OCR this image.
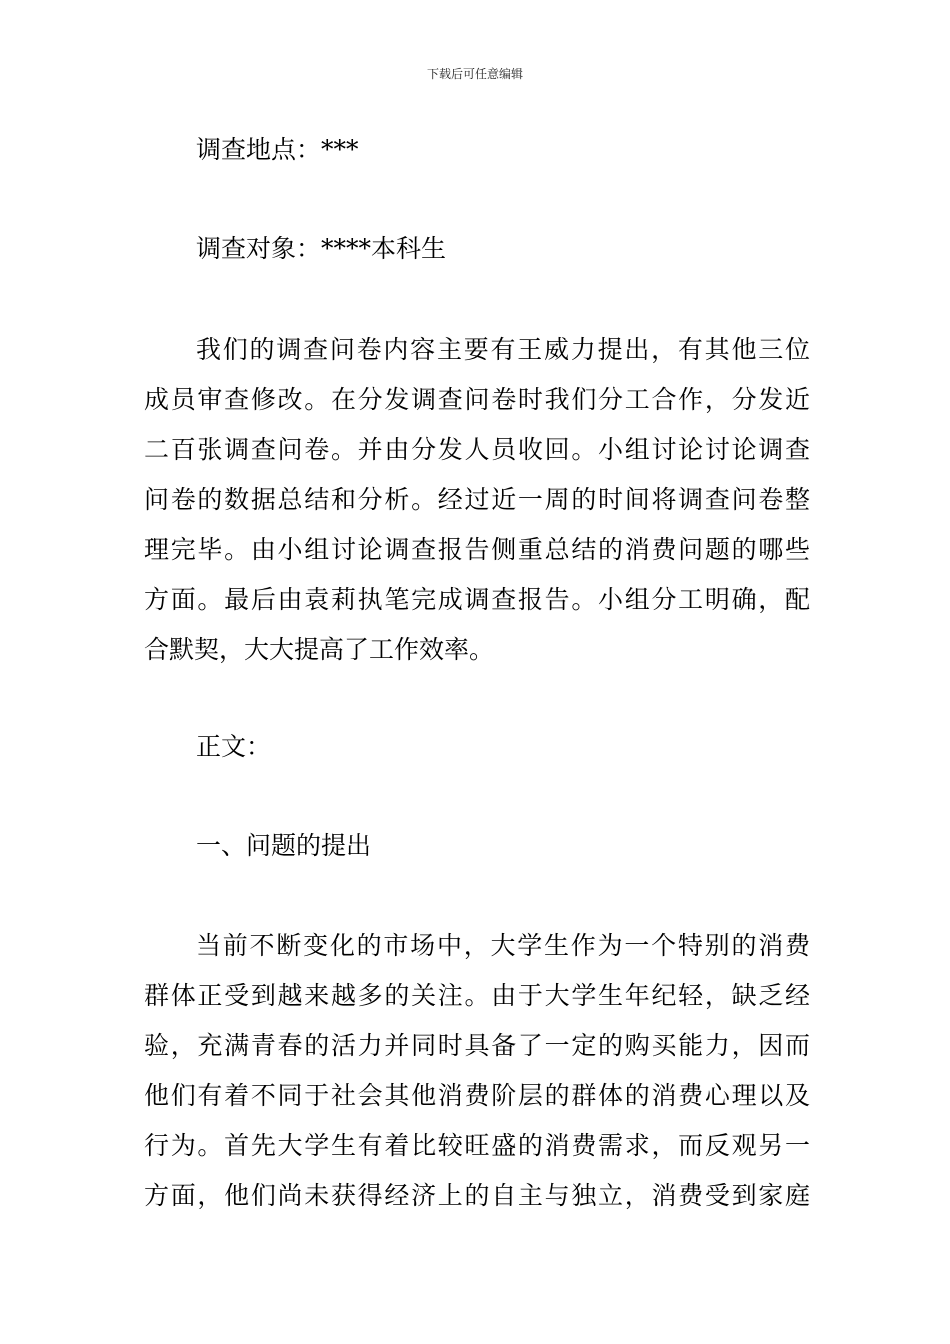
下载后可任意编辑
调查地点：***
调查对象：****本科生
我们的调查问卷内容主要有王威力提出，有其他三位
成员审查修改。在分发调查问卷时我们分工合作，分发近
二百张调查问卷。并由分发人员收回。小组讨论讨论调查
问卷的数据总结和分析。经过近一周的时间将调查问卷整
理完毕。由小组讨论调查报告侧重总结的消费问题的哪些
方面。最后由袁莉执笔完成调查报告。小组分工明确，配
合默契，大大提高了工作效率。
正文：
一、问题的提出
当前不断变化的市场中，大学生作为一个特别的消费
群体正受到越来越多的关注。由于大学生年纪轻，缺乏经
验，充满青春的活力并同时具备了一定的购买能力，因而
他们有着不同于社会其他消费阶层的群体的消费心理以及
行为。首先大学生有着比较旺盛的消费需求，而反观另一
方面，他们尚未获得经济上的自主与独立，消费受到家庭
